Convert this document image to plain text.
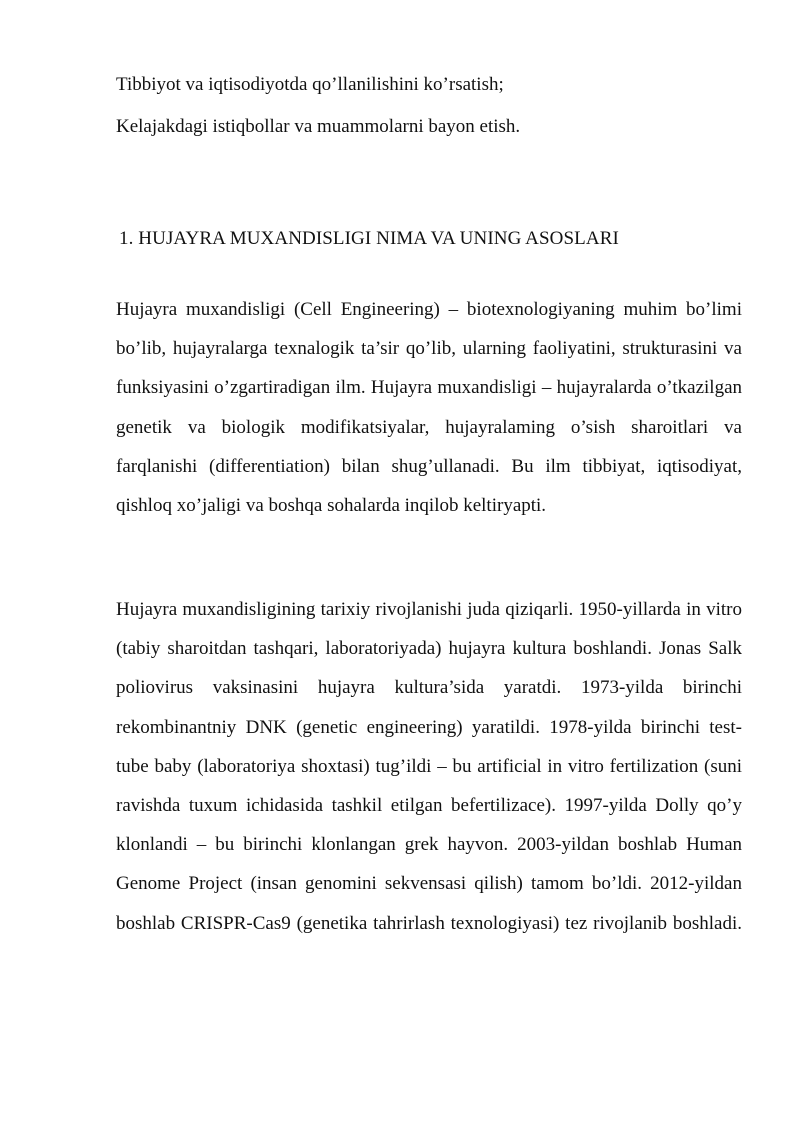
Tibbiyot va iqtisodiyotda qo’llanilishini ko’rsatish;
Kelajakdagi istiqbollar va muammolarni bayon etish.
1. HUJAYRA MUXANDISLIGI NIMA VA UNING ASOSLARI
Hujayra muxandisligi (Cell Engineering) – biotexnologiyaning muhim bo’limi bo’lib, hujayralarga texnalogik ta’sir qo’lib, ularning faoliyatini, strukturasini va funksiyasini o’zgartiradigan ilm. Hujayra muxandisligi – hujayralarda o’tkazilgan genetik va biologik modifikatsiyalar, hujayralaming o’sish sharoitlari va farqlanishi (differentiation) bilan shug’ullanadi. Bu ilm tibbiyat, iqtisodiyat, qishloq xo’jaligi va boshqa sohalarda inqilob keltiryapti.
Hujayra muxandisligining tarixiy rivojlanishi juda qiziqarli. 1950-yillarda in vitro (tabiy sharoitdan tashqari, laboratoriyada) hujayra kultura boshlandi. Jonas Salk poliovirus vaksinasini hujayra kultura’sida yaratdi. 1973-yilda birinchi rekombinantniy DNK (genetic engineering) yaratildi. 1978-yilda birinchi test-tube baby (laboratoriya shoxtasi) tug’ildi – bu artificial in vitro fertilization (suni ravishda tuxum ichidasida tashkil etilgan befertilizace). 1997-yilda Dolly qo’y klonlandi – bu birinchi klonlangan grek hayvon. 2003-yildan boshlab Human Genome Project (insan genomini sekvensasi qilish) tamom bo’ldi. 2012-yildan boshlab CRISPR-Cas9 (genetika tahrirlash texnologiyasi) tez rivojlanib boshladi.
